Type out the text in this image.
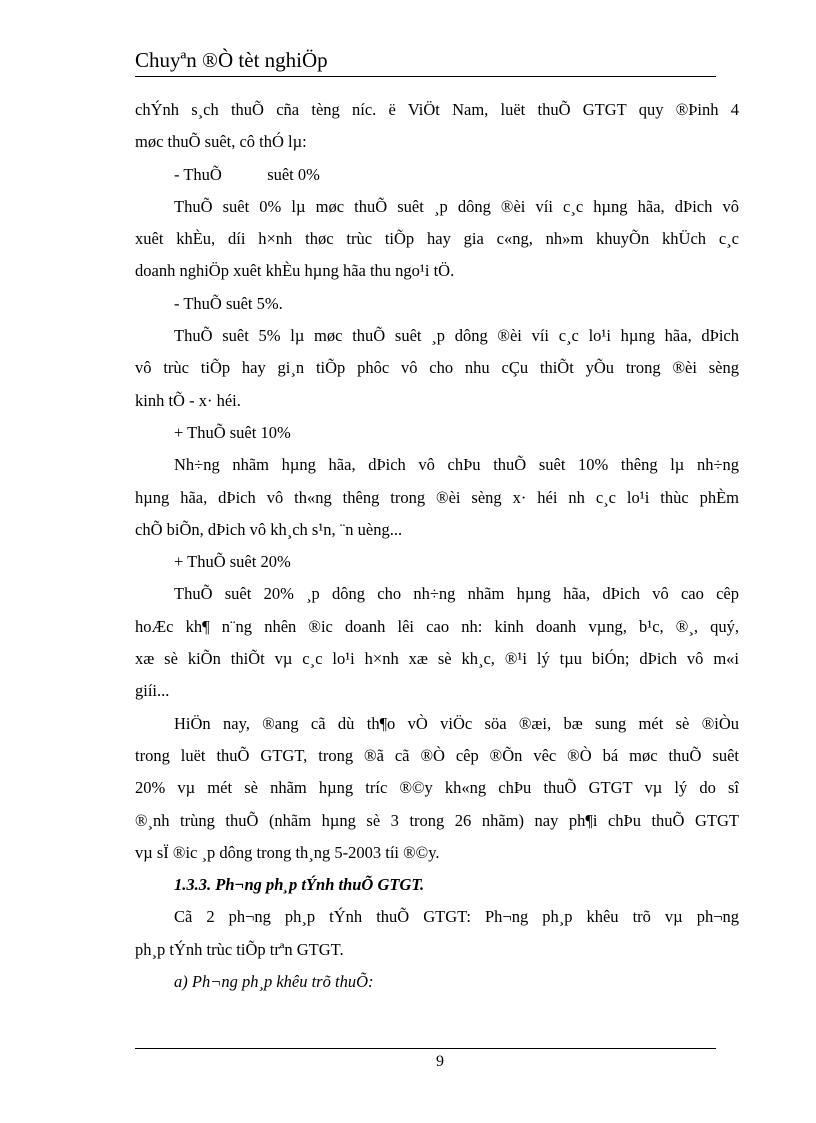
Chuyªn ®Ò tèt nghiÖp
chÝnh s¸ch thuÕ cña tèng níc. ë ViÖt Nam, luët thuÕ GTGT quy ®Þinh 4
møc thuÕ suêt, cô thÓ lµ:
- ThuÕ           suêt 0%
ThuÕ suêt 0% lµ møc thuÕ suêt ¸p dông ®èi víi c¸c hµng hãa, dÞich vô
xuêt khÈu, díi h×nh thøc trùc tiÕp hay gia c«ng, nh»m khuyÕn khÜch c¸c
doanh nghiÖp xuêt khÈu hµng hãa thu ngo¹i tÖ.
- ThuÕ suêt 5%.
ThuÕ suêt 5% lµ møc thuÕ suêt ¸p dông ®èi víi c¸c lo¹i hµng hãa, dÞich
vô trùc tiÕp hay gi¸n tiÕp phôc vô cho nhu cÇu thiÕt yÕu trong ®èi sèng
kinh tÕ - x· héi.
+ ThuÕ suêt 10%
Nh÷ng nhãm hµng hãa, dÞich vô chÞu thuÕ suêt 10% thêng lµ nh÷ng
hµng hãa, dÞich vô th«ng thêng trong ®èi sèng x· héi nh c¸c lo¹i thùc phÈm
chÕ biÕn, dÞich vô kh¸ch s¹n, ¨n uèng...
+ ThuÕ suêt 20%
ThuÕ suêt 20% ¸p dông cho nh÷ng nhãm hµng hãa, dÞich vô cao cêp
hoÆc kh¶ n¨ng nhên ®ic doanh lêi cao nh: kinh doanh vµng, b¹c, ®¸, quý,
xæ sè kiÕn thiÕt vµ c¸c lo¹i h×nh xæ sè kh¸c, ®¹i lý tµu biÓn; dÞich vô m«i
giíi...
HiÖn nay, ®ang cã dù th¶o vÒ viÖc söa ®æi, bæ sung mét sè ®iÒu
trong luët thuÕ GTGT, trong ®ã cã ®Ò cêp ®Õn vêc ®Ò bá møc thuÕ suêt
20% vµ mét sè nhãm hµng tríc ®©y kh«ng chÞu thuÕ GTGT vµ lý do sî
®¸nh trùng thuÕ (nhãm hµng sè 3 trong 26 nhãm) nay ph¶i chÞu thuÕ GTGT
vµ sÏ ®ic ¸p dông trong th¸ng 5-2003 tíi ®©y.
1.3.3. Ph¬ng ph¸p tÝnh thuÕ GTGT.
Cã 2 ph¬ng ph¸p tÝnh thuÕ GTGT: Ph¬ng ph¸p khêu trõ vµ ph¬ng
ph¸p tÝnh trùc tiÕp trªn GTGT.
a) Ph¬ng ph¸p khêu trõ thuÕ:
9
